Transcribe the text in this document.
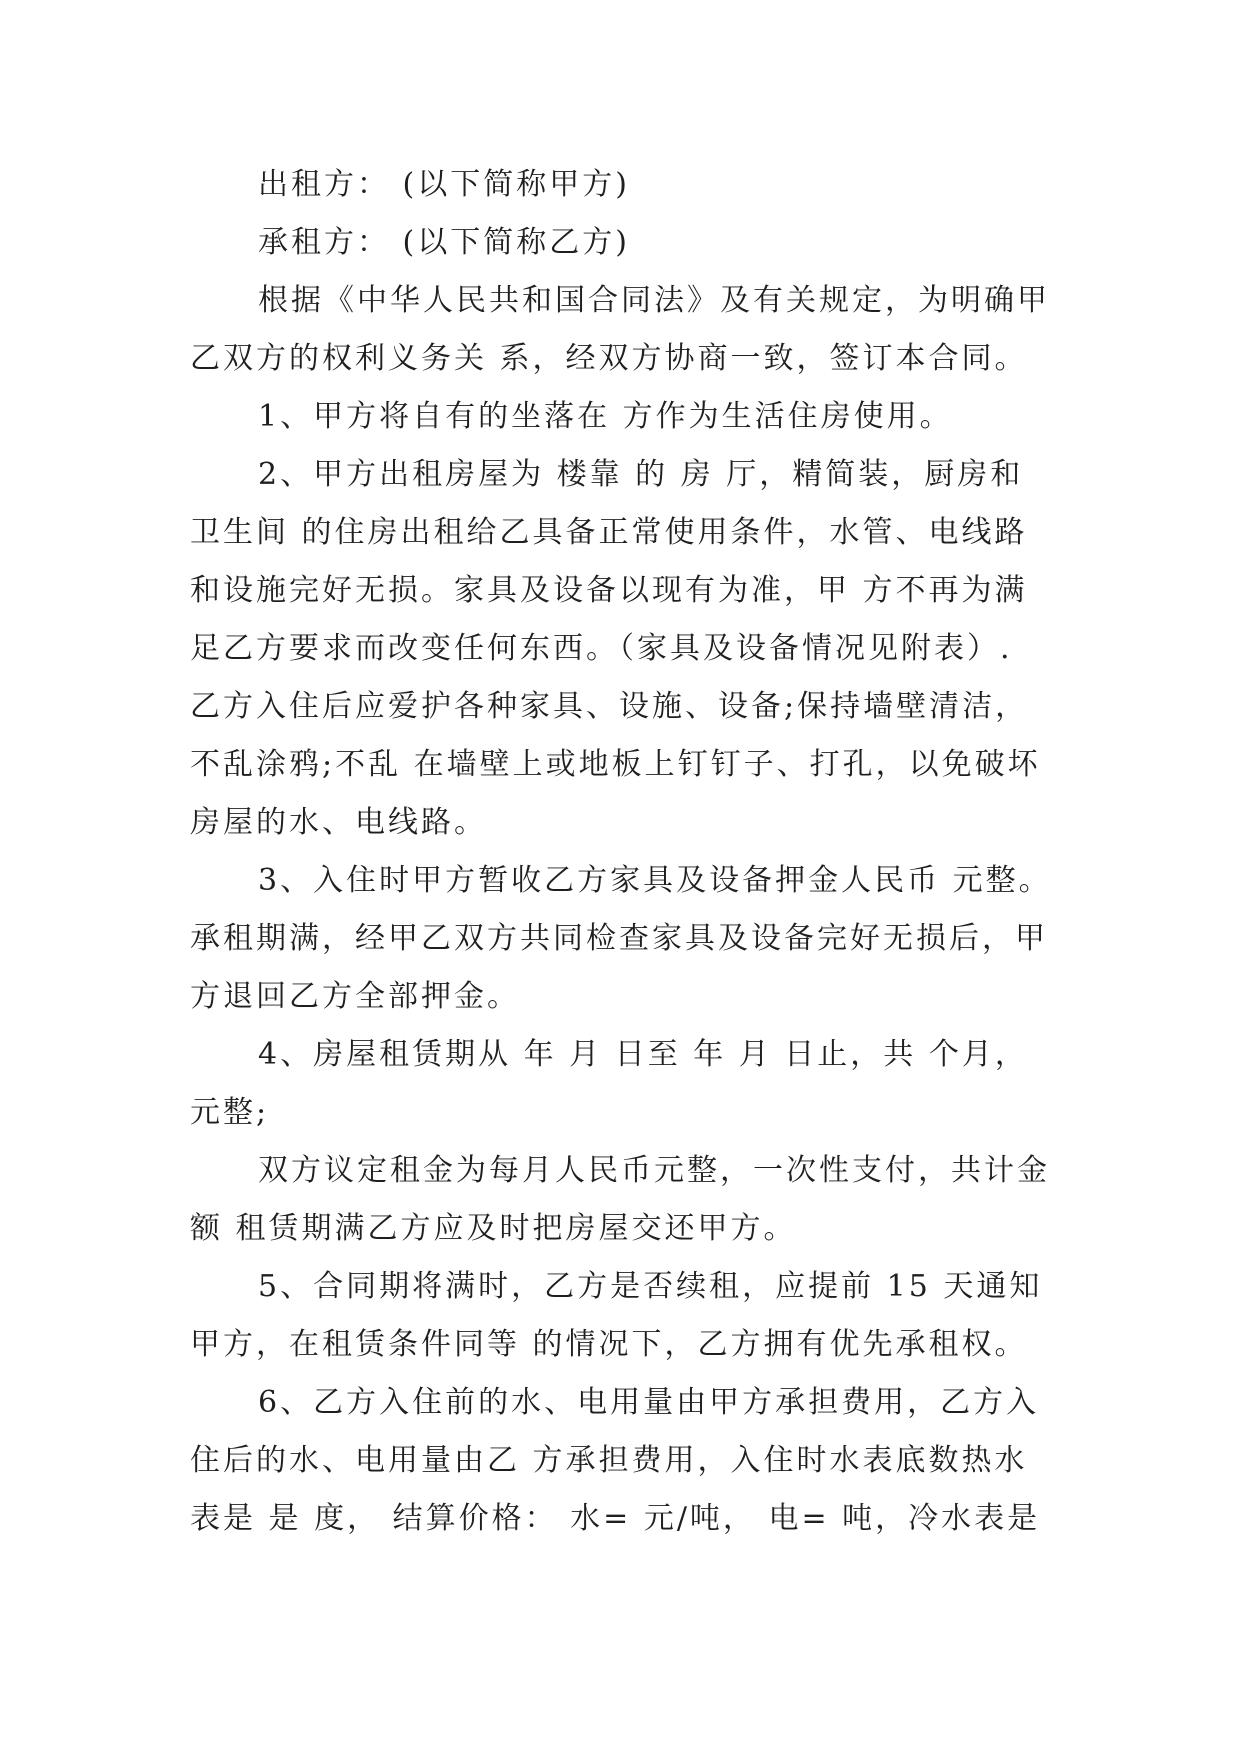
出租方： (以下简称甲方)
承租方： (以下简称乙方)
根据《中华人民共和国合同法》及有关规定，为明确甲
乙双方的权利义务关 系，经双方协商一致，签订本合同。
1、甲方将自有的坐落在 方作为生活住房使用。
2、甲方出租房屋为 楼靠 的 房 厅，精简装，厨房和
卫生间 的住房出租给乙具备正常使用条件，水管、电线路
和设施完好无损。家具及设备以现有为准，甲 方不再为满
足乙方要求而改变任何东西。（家具及设备情况见附表）.
乙方入住后应爱护各种家具、设施、设备;保持墙壁清洁，
不乱涂鸦;不乱 在墙壁上或地板上钉钉子、打孔，以免破坏
房屋的水、电线路。
3、入住时甲方暂收乙方家具及设备押金人民币 元整。
承租期满，经甲乙双方共同检查家具及设备完好无损后，甲
方退回乙方全部押金。
4、房屋租赁期从 年 月 日至 年 月 日止，共 个月，
元整;
双方议定租金为每月人民币元整，一次性支付，共计金
额 租赁期满乙方应及时把房屋交还甲方。
5、合同期将满时，乙方是否续租，应提前 15 天通知
甲方，在租赁条件同等 的情况下，乙方拥有优先承租权。
6、乙方入住前的水、电用量由甲方承担费用，乙方入
住后的水、电用量由乙 方承担费用，入住时水表底数热水
表是 是 度， 结算价格： 水= 元/吨， 电= 吨，冷水表是
